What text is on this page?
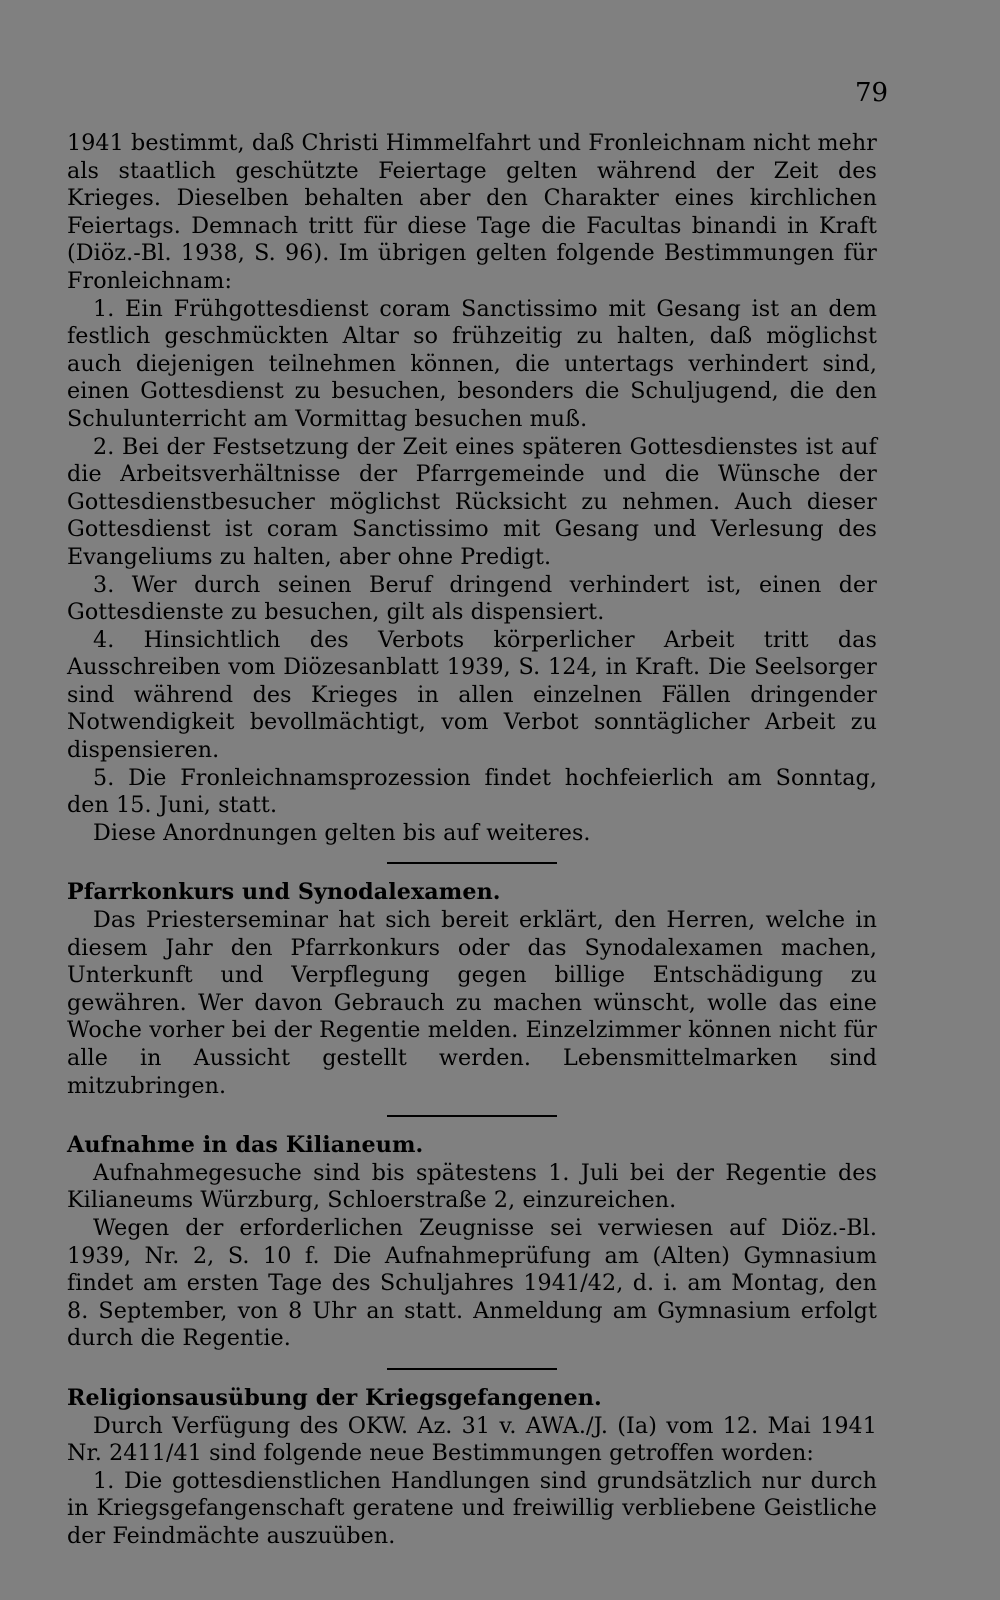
79

1941 bestimmt, daß Christi Himmelfahrt und Fronleichnam nicht mehr als staatlich geschützte Feiertage gelten während der Zeit des Krieges. Dieselben behalten aber den Charakter eines kirchlichen Feiertags. Demnach tritt für diese Tage die Facultas binandi in Kraft (Diöz.-Bl. 1938, S. 96). Im übrigen gelten folgende Bestimmungen für Fronleichnam:

1. Ein Frühgottesdienst coram Sanctissimo mit Gesang ist an dem festlich geschmückten Altar so frühzeitig zu halten, daß möglichst auch diejenigen teilnehmen können, die untertags verhindert sind, einen Gottesdienst zu besuchen, besonders die Schuljugend, die den Schulunterricht am Vormittag besuchen muß.

2. Bei der Festsetzung der Zeit eines späteren Gottesdienstes ist auf die Arbeitsverhältnisse der Pfarrgemeinde und die Wünsche der Gottesdienstbesucher möglichst Rücksicht zu nehmen. Auch dieser Gottesdienst ist coram Sanctissimo mit Gesang und Verlesung des Evangeliums zu halten, aber ohne Predigt.

3. Wer durch seinen Beruf dringend verhindert ist, einen der Gottesdienste zu besuchen, gilt als dispensiert.

4. Hinsichtlich des Verbots körperlicher Arbeit tritt das Ausschreiben vom Diözesanblatt 1939, S. 124, in Kraft. Die Seelsorger sind während des Krieges in allen einzelnen Fällen dringender Notwendigkeit bevollmächtigt, vom Verbot sonntäglicher Arbeit zu dispensieren.

5. Die Fronleichnamsprozession findet hochfeierlich am Sonntag, den 15. Juni, statt.

Diese Anordnungen gelten bis auf weiteres.

Pfarrkonkurs und Synodalexamen.

Das Priesterseminar hat sich bereit erklärt, den Herren, welche in diesem Jahr den Pfarrkonkurs oder das Synodalexamen machen, Unterkunft und Verpflegung gegen billige Entschädigung zu gewähren. Wer davon Gebrauch zu machen wünscht, wolle das eine Woche vorher bei der Regentie melden. Einzelzimmer können nicht für alle in Aussicht gestellt werden. Lebensmittelmarken sind mitzubringen.

Aufnahme in das Kilianeum.

Aufnahmegesuche sind bis spätestens 1. Juli bei der Regentie des Kilianeums Würzburg, Schloerstraße 2, einzureichen.

Wegen der erforderlichen Zeugnisse sei verwiesen auf Diöz.-Bl. 1939, Nr. 2, S. 10 f. Die Aufnahmeprüfung am (Alten) Gymnasium findet am ersten Tage des Schuljahres 1941/42, d. i. am Montag, den 8. September, von 8 Uhr an statt. Anmeldung am Gymnasium erfolgt durch die Regentie.

Religionsausübung der Kriegsgefangenen.

Durch Verfügung des OKW. Az. 31 v. AWA./J. (Ia) vom 12. Mai 1941 Nr. 2411/41 sind folgende neue Bestimmungen getroffen worden:

1. Die gottesdienstlichen Handlungen sind grundsätzlich nur durch in Kriegsgefangenschaft geratene und freiwillig verbliebene Geistliche der Feindmächte auszuüben.
